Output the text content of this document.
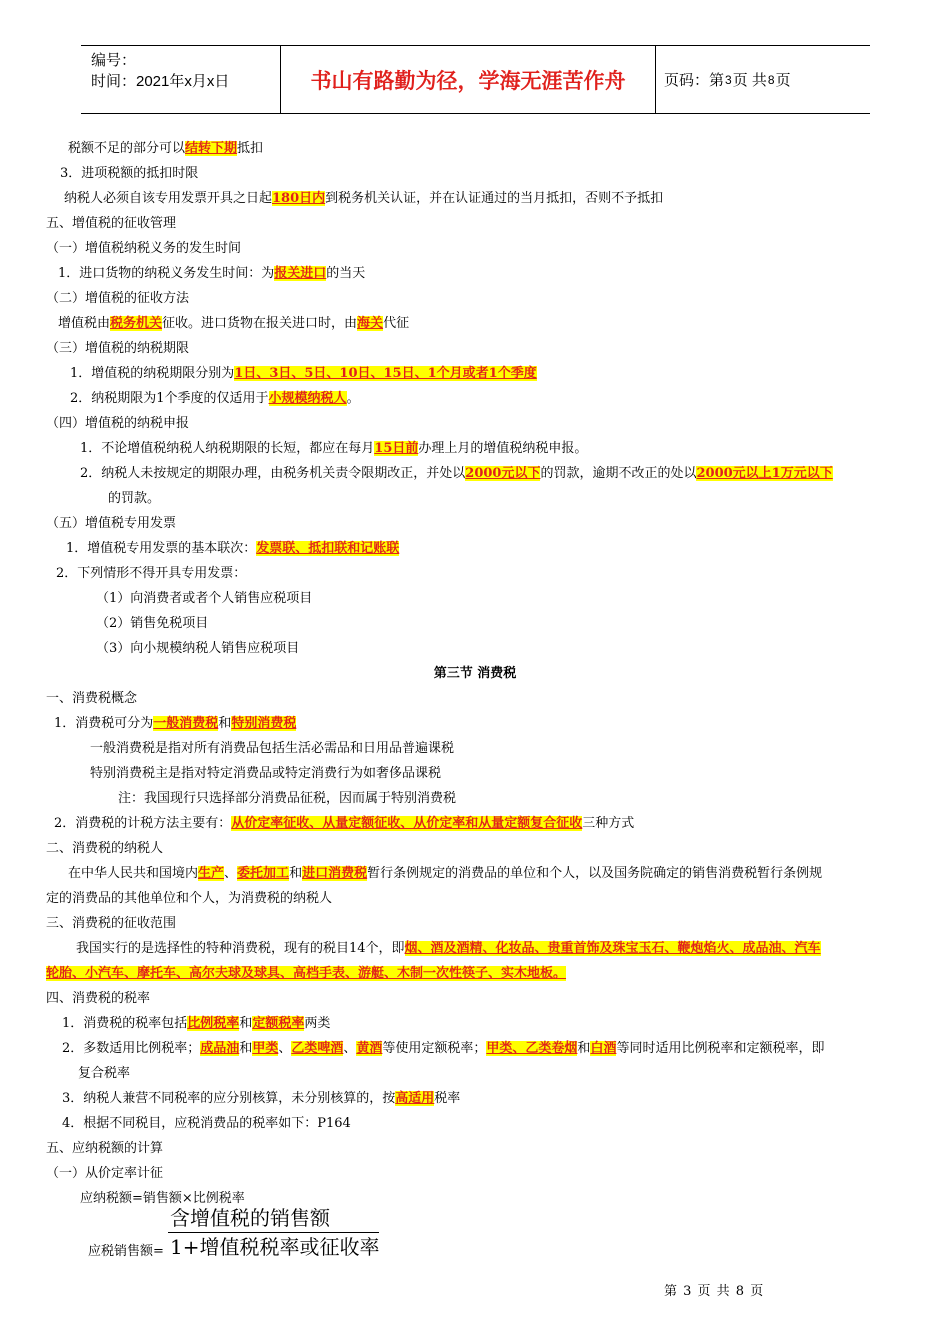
编号：
时间：2021年x月x日	书山有路勤为径，学海无涯苦作舟	页码：第 3 页 共 8 页
税额不足的部分可以结转下期抵扣
3．进项税额的抵扣时限
纳税人必须自该专用发票开具之日起180日内到税务机关认证，并在认证通过的当月抵扣，否则不予抵扣
五、增值税的征收管理
（一）增值税纳税义务的发生时间
1．进口货物的纳税义务发生时间：为报关进口的当天
（二）增值税的征收方法
增值税由税务机关征收。进口货物在报关进口时，由海关代征
（三）增值税的纳税期限
1．增值税的纳税期限分别为1日、3日、5日、10日、15日、1个月或者1个季度
2．纳税期限为1个季度的仅适用于小规模纳税人。
（四）增值税的纳税申报
1．不论增值税纳税人纳税期限的长短，都应在每月15日前办理上月的增值税纳税申报。
2．纳税人未按规定的期限办理，由税务机关责令限期改正，并处以2000元以下的罚款，逾期不改正的处以2000元以上1万元以下
的罚款。
（五）增值税专用发票
1．增值税专用发票的基本联次：发票联、抵扣联和记账联
2．下列情形不得开具专用发票：
（1）向消费者或者个人销售应税项目
（2）销售免税项目
（3）向小规模纳税人销售应税项目
第三节 消费税
一、消费税概念
1．消费税可分为一般消费税和特别消费税
一般消费税是指对所有消费品包括生活必需品和日用品普遍课税
特别消费税主是指对特定消费品或特定消费行为如奢侈品课税
注：我国现行只选择部分消费品征税，因而属于特别消费税
2．消费税的计税方法主要有：从价定率征收、从量定额征收、从价定率和从量定额复合征收三种方式
二、消费税的纳税人
在中华人民共和国境内生产、委托加工和进口消费税暂行条例规定的消费品的单位和个人，以及国务院确定的销售消费税暂行条例规
定的消费品的其他单位和个人，为消费税的纳税人
三、消费税的征收范围
我国实行的是选择性的特种消费税，现有的税目14个，即烟、酒及酒精、化妆品、贵重首饰及珠宝玉石、鞭炮焰火、成品油、汽车
轮胎、小汽车、摩托车、高尔夫球及球具、高档手表、游艇、木制一次性筷子、实木地板。
四、消费税的税率
1．消费税的税率包括比例税率和定额税率两类
2．多数适用比例税率；成品油和甲类、乙类啤酒、黄酒等使用定额税率；甲类、乙类卷烟和白酒等同时适用比例税率和定额税率，即
复合税率
3．纳税人兼营不同税率的应分别核算，未分别核算的，按高适用税率
4．根据不同税目，应税消费品的税率如下：P164
五、应纳税额的计算
（一）从价定率计征
应纳税额=销售额×比例税率
应税销售额=
含增值税的销售额
1+增值税税率或征收率
第 3 页 共 8 页
